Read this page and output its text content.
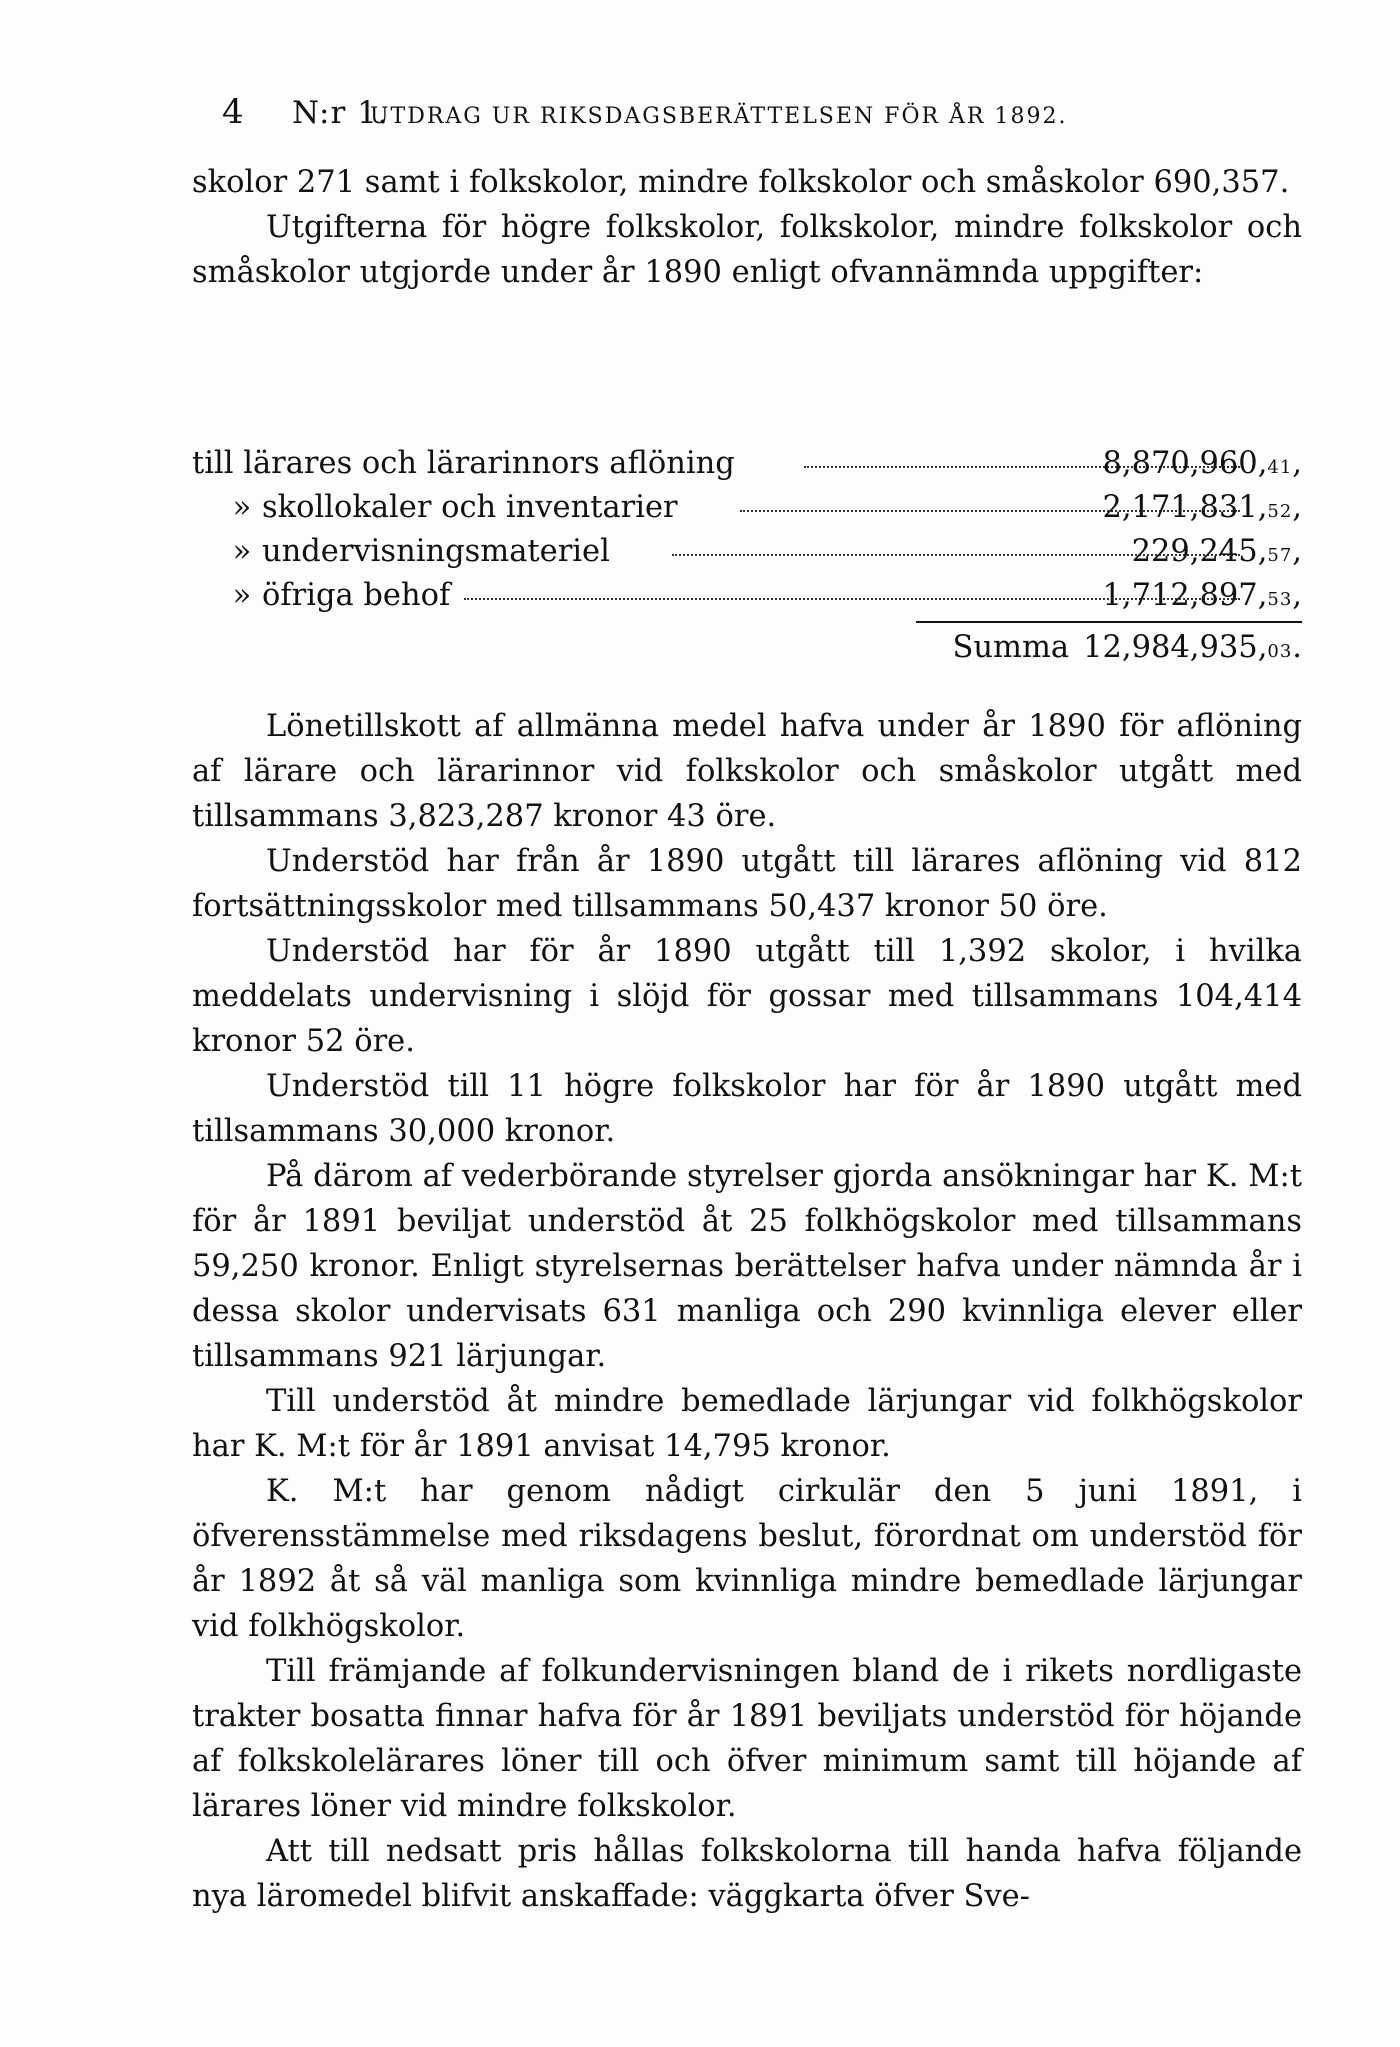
4 N:r 1.UTDRAG UR RIKSDAGSBERÄTTELSEN FÖR ÅR 1892.

skolor 271 samt i folkskolor, mindre folkskolor och småskolor 690,357.

Utgifterna för högre folkskolor, folkskolor, mindre folkskolor och småskolor utgjorde under år 1890 enligt ofvannämnda uppgifter:

till lärares och lärarinnors aflöning	8,870,960,41,
» skollokaler och inventarier	2,171,831,52,
» undervisningsmateriel	229,245,57,
» öfriga behof	1,712,897,53,
Summa 12,984,935,03.

Lönetillskott af allmänna medel hafva under år 1890 för aflöning af lärare och lärarinnor vid folkskolor och småskolor utgått med tillsammans 3,823,287 kronor 43 öre.

Understöd har från år 1890 utgått till lärares aflöning vid 812 fortsättningsskolor med tillsammans 50,437 kronor 50 öre.

Understöd har för år 1890 utgått till 1,392 skolor, i hvilka meddelats undervisning i slöjd för gossar med tillsammans 104,414 kronor 52 öre.

Understöd till 11 högre folkskolor har för år 1890 utgått med tillsammans 30,000 kronor.

På därom af vederbörande styrelser gjorda ansökningar har K. M:t för år 1891 beviljat understöd åt 25 folkhögskolor med tillsammans 59,250 kronor. Enligt styrelsernas berättelser hafva under nämnda år i dessa skolor undervisats 631 manliga och 290 kvinnliga elever eller tillsammans 921 lärjungar.

Till understöd åt mindre bemedlade lärjungar vid folkhögskolor har K. M:t för år 1891 anvisat 14,795 kronor.

K. M:t har genom nådigt cirkulär den 5 juni 1891, i öfverensstämmelse med riksdagens beslut, förordnat om understöd för år 1892 åt så väl manliga som kvinnliga mindre bemedlade lärjungar vid folkhögskolor.

Till främjande af folkundervisningen bland de i rikets nordligaste trakter bosatta finnar hafva för år 1891 beviljats understöd för höjande af folkskolelärares löner till och öfver minimum samt till höjande af lärares löner vid mindre folkskolor.

Att till nedsatt pris hållas folkskolorna till handa hafva följande nya läromedel blifvit anskaffade: väggkarta öfver Sve-
